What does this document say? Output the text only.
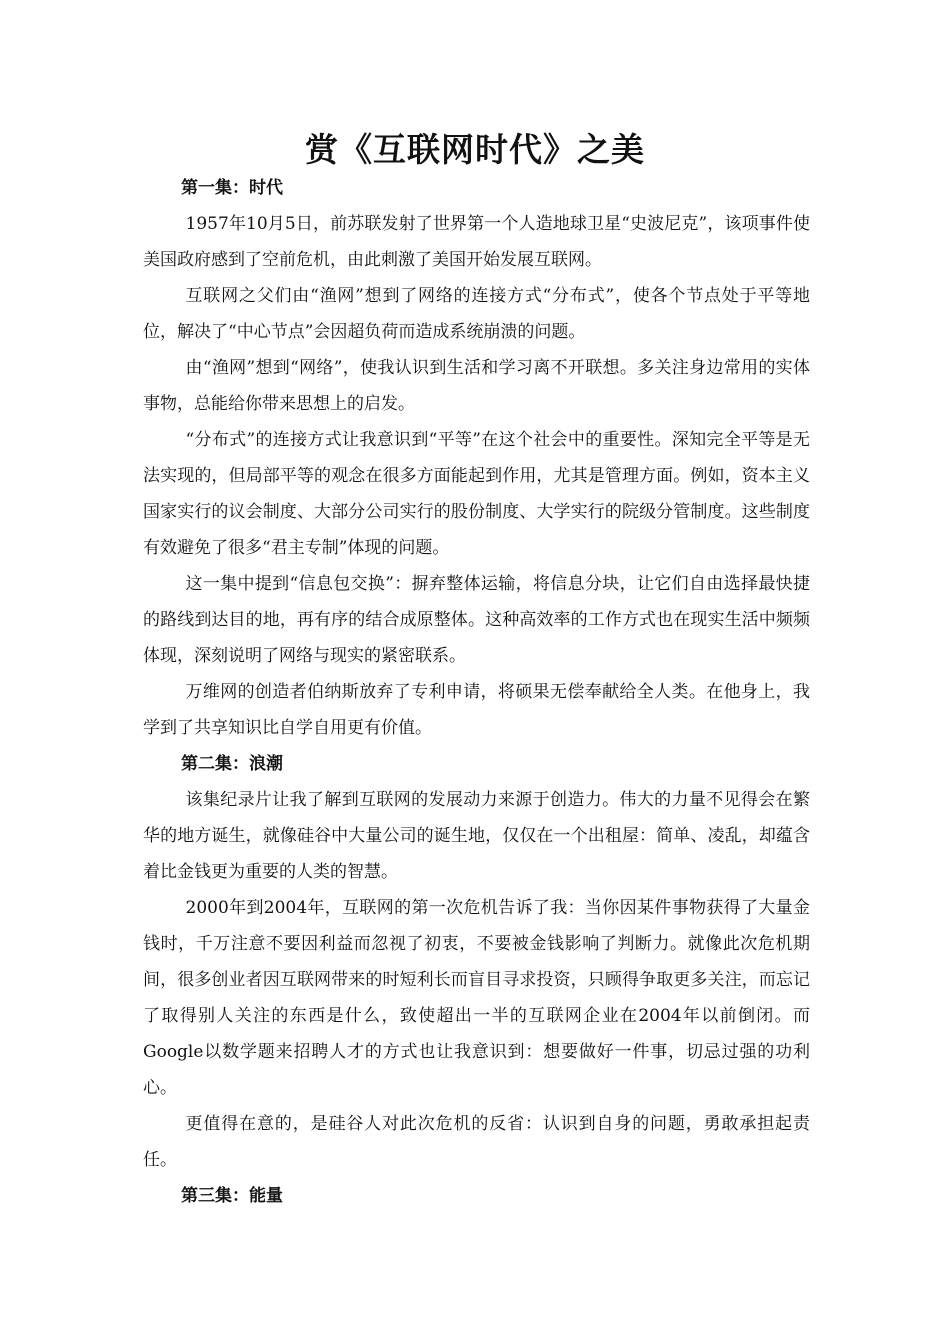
赏《互联网时代》之美

第一集：时代

1957年10月5日，前苏联发射了世界第一个人造地球卫星“史波尼克”，该项事件使美国政府感到了空前危机，由此刺激了美国开始发展互联网。

互联网之父们由“渔网”想到了网络的连接方式“分布式”，使各个节点处于平等地位，解决了“中心节点”会因超负荷而造成系统崩溃的问题。

由“渔网”想到“网络”，使我认识到生活和学习离不开联想。多关注身边常用的实体事物，总能给你带来思想上的启发。

“分布式”的连接方式让我意识到“平等”在这个社会中的重要性。深知完全平等是无法实现的，但局部平等的观念在很多方面能起到作用，尤其是管理方面。例如，资本主义国家实行的议会制度、大部分公司实行的股份制度、大学实行的院级分管制度。这些制度有效避免了很多“君主专制”体现的问题。

这一集中提到“信息包交换”：摒弃整体运输，将信息分块，让它们自由选择最快捷的路线到达目的地，再有序的结合成原整体。这种高效率的工作方式也在现实生活中频频体现，深刻说明了网络与现实的紧密联系。

万维网的创造者伯纳斯放弃了专利申请，将硕果无偿奉献给全人类。在他身上，我学到了共享知识比自学自用更有价值。

第二集：浪潮

该集纪录片让我了解到互联网的发展动力来源于创造力。伟大的力量不见得会在繁华的地方诞生，就像硅谷中大量公司的诞生地，仅仅在一个出租屋：简单、凌乱，却蕴含着比金钱更为重要的人类的智慧。

2000年到2004年，互联网的第一次危机告诉了我：当你因某件事物获得了大量金钱时，千万注意不要因利益而忽视了初衷，不要被金钱影响了判断力。就像此次危机期间，很多创业者因互联网带来的时短利长而盲目寻求投资，只顾得争取更多关注，而忘记了取得别人关注的东西是什么，致使超出一半的互联网企业在2004年以前倒闭。而Google以数学题来招聘人才的方式也让我意识到：想要做好一件事，切忌过强的功利心。

更值得在意的，是硅谷人对此次危机的反省：认识到自身的问题，勇敢承担起责任。

第三集：能量
